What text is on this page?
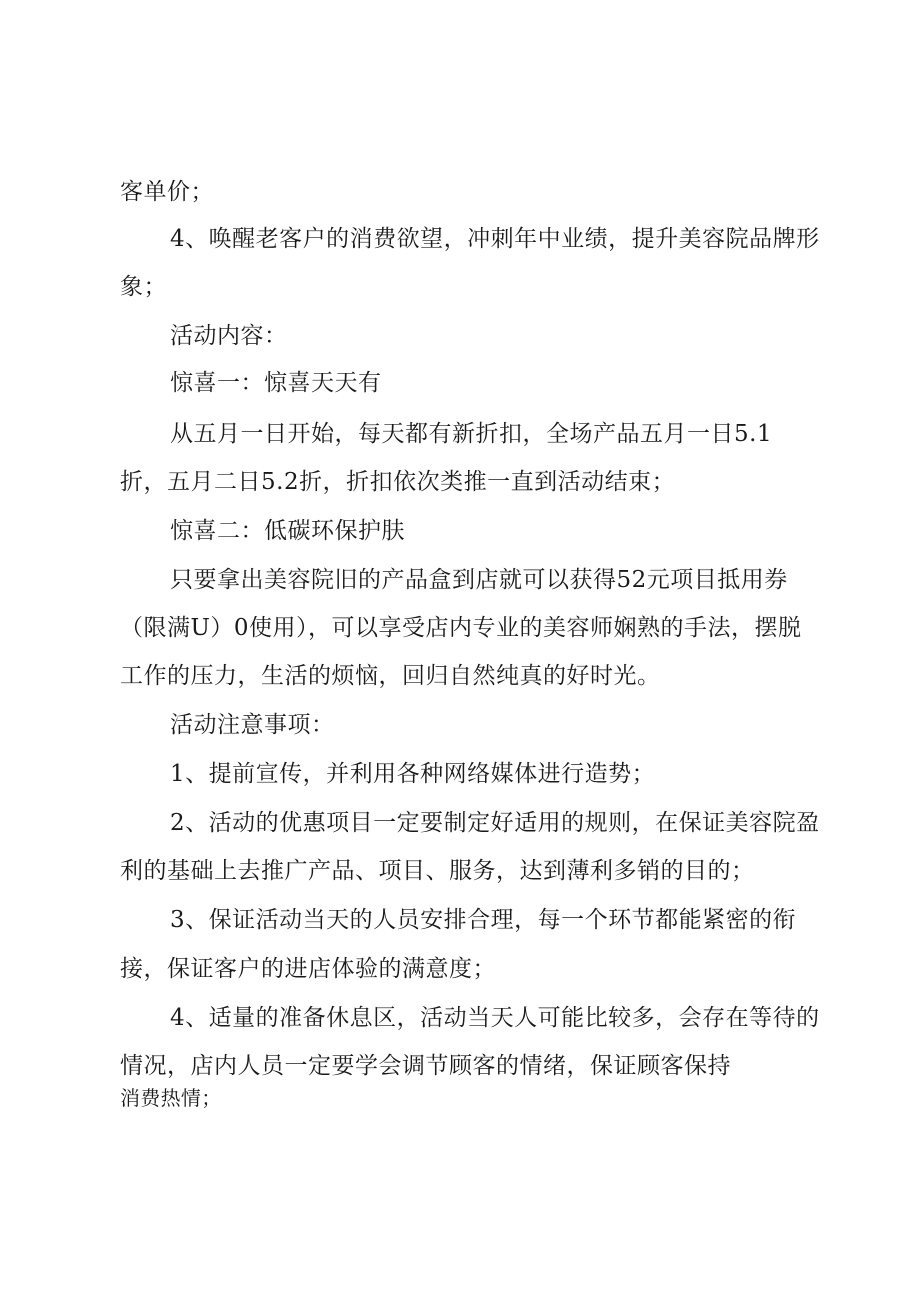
客单价；
4、唤醒老客户的消费欲望，冲刺年中业绩，提升美容院品牌形
象；
活动内容：
惊喜一：惊喜天天有
从五月一日开始，每天都有新折扣，全场产品五月一日5.1
折，五月二日5.2折，折扣依次类推一直到活动结束；
惊喜二：低碳环保护肤
只要拿出美容院旧的产品盒到店就可以获得52元项目抵用券
（限满U）0使用），可以享受店内专业的美容师娴熟的手法，摆脱
工作的压力，生活的烦恼，回归自然纯真的好时光。
活动注意事项：
1、提前宣传，并利用各种网络媒体进行造势；
2、活动的优惠项目一定要制定好适用的规则，在保证美容院盈
利的基础上去推广产品、项目、服务，达到薄利多销的目的；
3、保证活动当天的人员安排合理，每一个环节都能紧密的衔
接，保证客户的进店体验的满意度；
4、适量的准备休息区，活动当天人可能比较多，会存在等待的
情况，店内人员一定要学会调节顾客的情绪，保证顾客保持
消费热情；
